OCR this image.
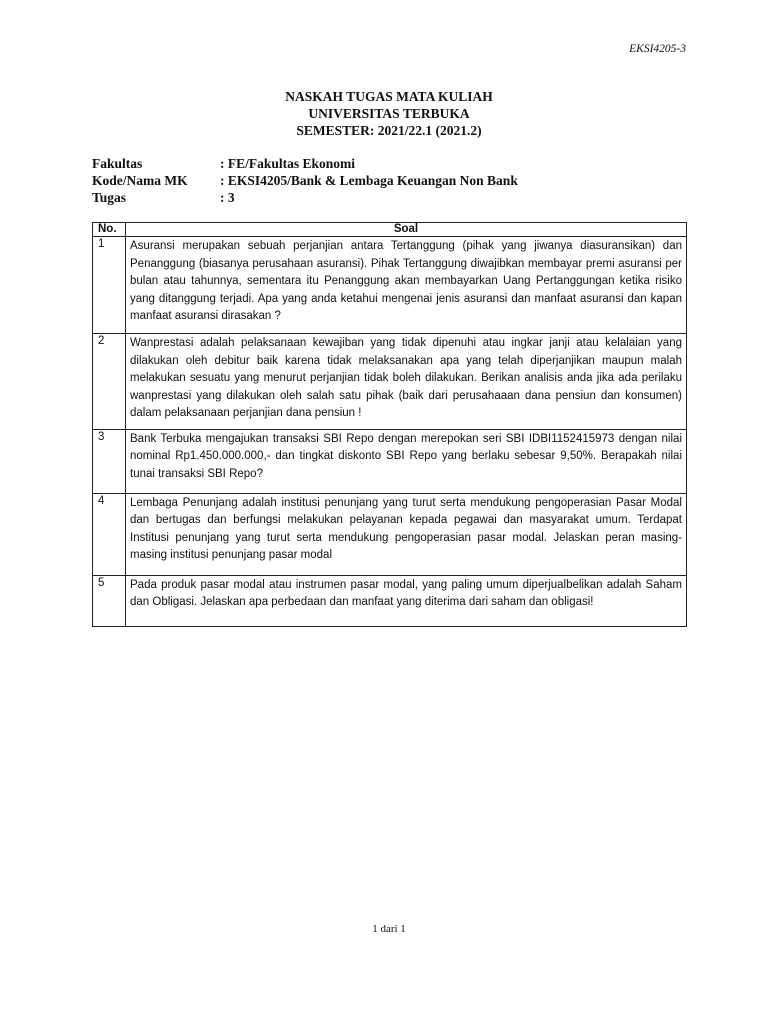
EKSI4205-3
NASKAH TUGAS MATA KULIAH
UNIVERSITAS TERBUKA
SEMESTER: 2021/22.1 (2021.2)
Fakultas	: FE/Fakultas Ekonomi
Kode/Nama MK	: EKSI4205/Bank & Lembaga Keuangan Non Bank
Tugas	: 3
No.	Soal
1	Asuransi merupakan sebuah perjanjian antara Tertanggung (pihak yang jiwanya diasuransikan) dan Penanggung (biasanya perusahaan asuransi). Pihak Tertanggung diwajibkan membayar premi asuransi per bulan atau tahunnya, sementara itu Penanggung akan membayarkan Uang Pertanggungan ketika risiko yang ditanggung terjadi. Apa yang anda ketahui mengenai jenis asuransi dan manfaat asuransi dan kapan manfaat asuransi dirasakan ?
2	Wanprestasi adalah pelaksanaan kewajiban yang tidak dipenuhi atau ingkar janji atau kelalaian yang dilakukan oleh debitur baik karena tidak melaksanakan apa yang telah diperjanjikan maupun malah melakukan sesuatu yang menurut perjanjian tidak boleh dilakukan. Berikan analisis anda jika ada perilaku wanprestasi yang dilakukan oleh salah satu pihak (baik dari perusahaaan dana pensiun dan konsumen) dalam pelaksanaan perjanjian dana pensiun !
3	Bank Terbuka mengajukan transaksi SBI Repo dengan merepokan seri SBI IDBI1152415973 dengan nilai nominal Rp1.450.000.000,- dan tingkat diskonto SBI Repo yang berlaku sebesar 9,50%. Berapakah nilai tunai transaksi SBI Repo?
4	Lembaga Penunjang adalah institusi penunjang yang turut serta mendukung pengoperasian Pasar Modal dan bertugas dan berfungsi melakukan pelayanan kepada pegawai dan masyarakat umum. Terdapat Institusi penunjang yang turut serta mendukung pengoperasian pasar modal. Jelaskan peran masing-masing institusi penunjang pasar modal
5	Pada produk pasar modal atau instrumen pasar modal, yang paling umum diperjualbelikan adalah Saham dan Obligasi. Jelaskan apa perbedaan dan manfaat yang diterima dari saham dan obligasi!
1 dari 1
